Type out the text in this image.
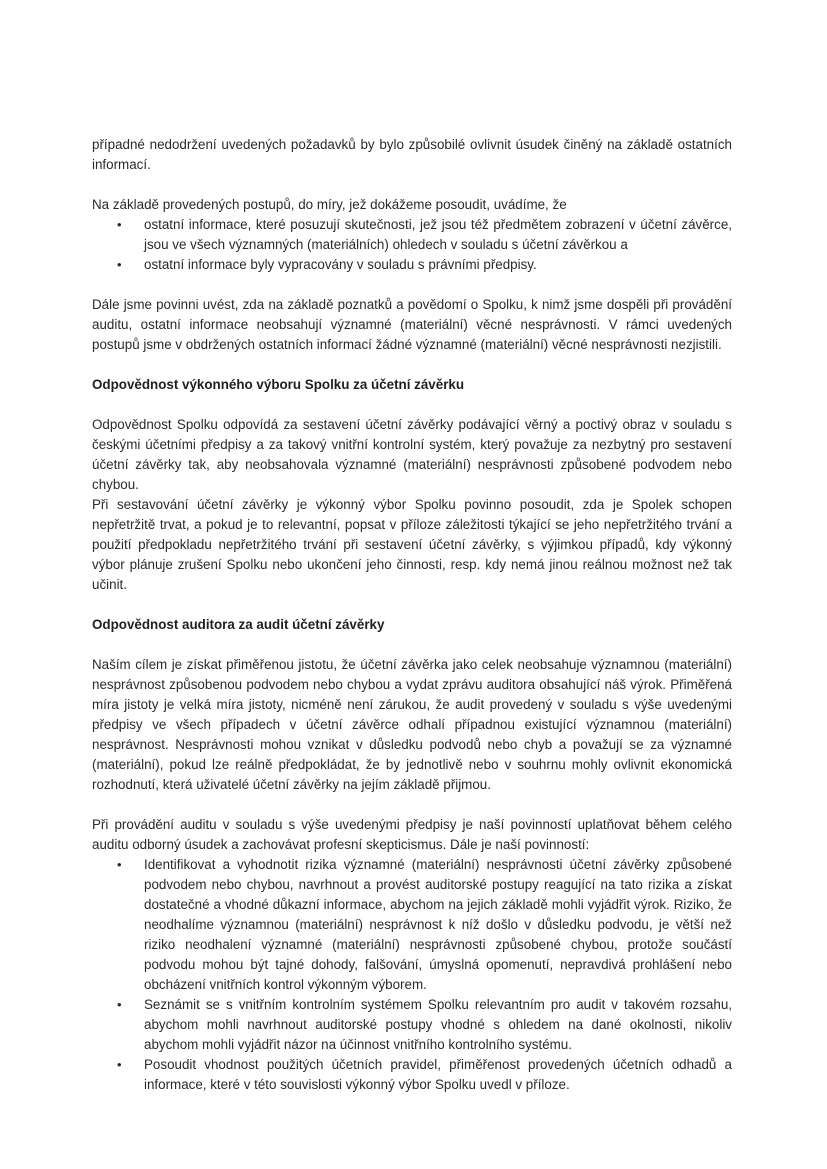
případné nedodržení uvedených požadavků by bylo způsobilé ovlivnit úsudek činěný na základě ostatních informací.

Na základě provedených postupů, do míry, jež dokážeme posoudit, uvádíme, že

• ostatní informace, které posuzují skutečnosti, jež jsou též předmětem zobrazení v účetní závěrce, jsou ve všech významných (materiálních) ohledech v souladu s účetní závěrkou a
• ostatní informace byly vypracovány v souladu s právními předpisy.

Dále jsme povinni uvést, zda na základě poznatků a povědomí o Spolku, k nimž jsme dospěli při provádění auditu, ostatní informace neobsahují významné (materiální) věcné nesprávnosti. V rámci uvedených postupů jsme v obdržených ostatních informací žádné významné (materiální) věcné nesprávnosti nezjistili.

Odpovědnost výkonného výboru Spolku za účetní závěrku

Odpovědnost Spolku odpovídá za sestavení účetní závěrky podávající věrný a poctivý obraz v souladu s českými účetními předpisy a za takový vnitřní kontrolní systém, který považuje za nezbytný pro sestavení účetní závěrky tak, aby neobsahovala významné (materiální) nesprávnosti způsobené podvodem nebo chybou.

Při sestavování účetní závěrky je výkonný výbor Spolku povinno posoudit, zda je Spolek schopen nepřetržitě trvat, a pokud je to relevantní, popsat v příloze záležitosti týkající se jeho nepřetržitého trvání a použití předpokladu nepřetržitého trvání při sestavení účetní závěrky, s výjimkou případů, kdy výkonný výbor plánuje zrušení Spolku nebo ukončení jeho činnosti, resp. kdy nemá jinou reálnou možnost než tak učinit.

Odpovědnost auditora za audit účetní závěrky

Naším cílem je získat přiměřenou jistotu, že účetní závěrka jako celek neobsahuje významnou (materiální) nesprávnost způsobenou podvodem nebo chybou a vydat zprávu auditora obsahující náš výrok. Přiměřená míra jistoty je velká míra jistoty, nicméně není zárukou, že audit provedený v souladu s výše uvedenými předpisy ve všech případech v účetní závěrce odhalí případnou existující významnou (materiální) nesprávnost. Nesprávnosti mohou vznikat v důsledku podvodů nebo chyb a považují se za významné (materiální), pokud lze reálně předpokládat, že by jednotlivě nebo v souhrnu mohly ovlivnit ekonomická rozhodnutí, která uživatelé účetní závěrky na jejím základě přijmou.

Při provádění auditu v souladu s výše uvedenými předpisy je naší povinností uplatňovat během celého auditu odborný úsudek a zachovávat profesní skepticismus. Dále je naší povinností:

• Identifikovat a vyhodnotit rizika významné (materiální) nesprávnosti účetní závěrky způsobené podvodem nebo chybou, navrhnout a provést auditorské postupy reagující na tato rizika a získat dostatečné a vhodné důkazní informace, abychom na jejich základě mohli vyjádřit výrok. Riziko, že neodhalíme významnou (materiální) nesprávnost k níž došlo v důsledku podvodu, je větší než riziko neodhalení významné (materiální) nesprávnosti způsobené chybou, protože součástí podvodu mohou být tajné dohody, falšování, úmyslná opomenutí, nepravdivá prohlášení nebo obcházení vnitřních kontrol výkonným výborem.
• Seznámit se s vnitřním kontrolním systémem Spolku relevantním pro audit v takovém rozsahu, abychom mohli navrhnout auditorské postupy vhodné s ohledem na dané okolnosti, nikoliv abychom mohli vyjádřit názor na účinnost vnitřního kontrolního systému.
• Posoudit vhodnost použitých účetních pravidel, přiměřenost provedených účetních odhadů a informace, které v této souvislosti výkonný výbor Spolku uvedl v příloze.
